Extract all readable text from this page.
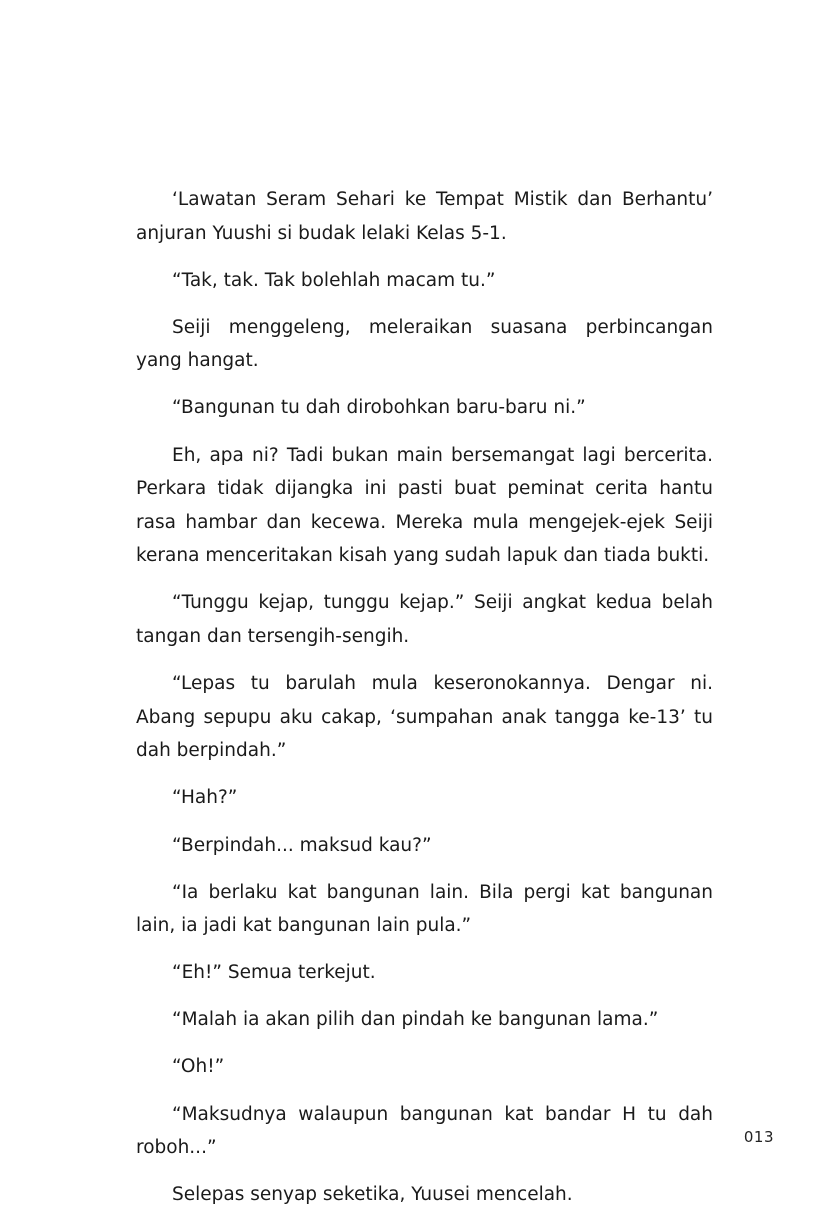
‘Lawatan Seram Sehari ke Tempat Mistik dan Berhantu’ anjuran Yuushi si budak lelaki Kelas 5-1.

“Tak, tak. Tak bolehlah macam tu.”

Seiji menggeleng, meleraikan suasana perbincangan yang hangat.

“Bangunan tu dah dirobohkan baru-baru ni.”

Eh, apa ni? Tadi bukan main bersemangat lagi bercerita. Perkara tidak dijangka ini pasti buat peminat cerita hantu rasa hambar dan kecewa. Mereka mula mengejek-ejek Seiji kerana menceritakan kisah yang sudah lapuk dan tiada bukti.

“Tunggu kejap, tunggu kejap.” Seiji angkat kedua belah tangan dan tersengih-sengih.

“Lepas tu barulah mula keseronokannya. Dengar ni. Abang sepupu aku cakap, ‘sumpahan anak tangga ke-13’ tu dah berpindah.”

“Hah?”

“Berpindah... maksud kau?”

“Ia berlaku kat bangunan lain. Bila pergi kat bangunan lain, ia jadi kat bangunan lain pula.”

“Eh!” Semua terkejut.

“Malah ia akan pilih dan pindah ke bangunan lama.”

“Oh!”

“Maksudnya walaupun bangunan kat bandar H tu dah roboh...”

Selepas senyap seketika, Yuusei mencelah.

013
